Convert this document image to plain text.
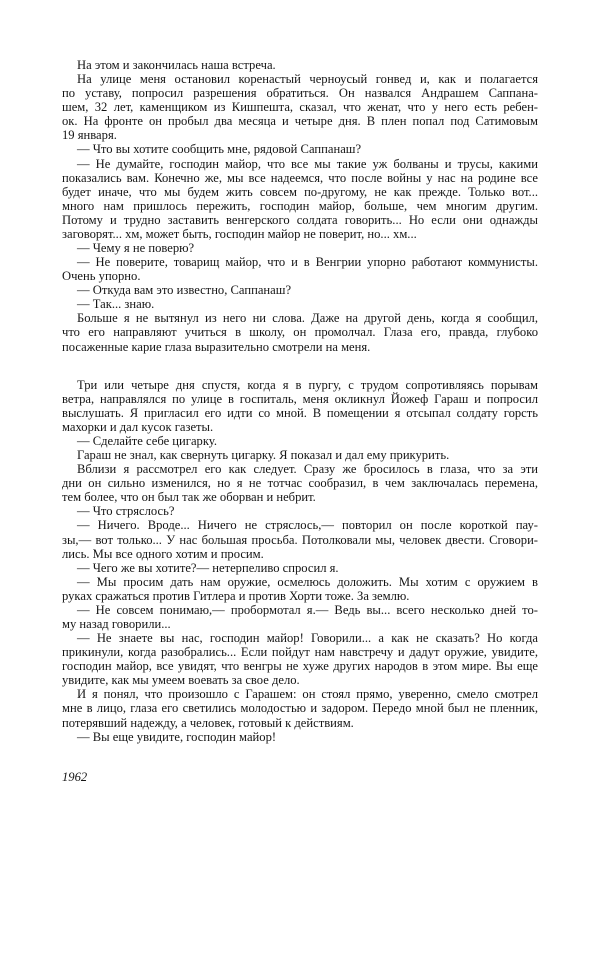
На этом и закончилась наша встреча.
На улице меня остановил коренастый черноусый гонвед и, как и полагается
по уставу, попросил разрешения обратиться. Он назвался Андрашем Саппана-
шем, 32 лет, каменщиком из Кишпешта, сказал, что женат, что у него есть ребен-
ок. На фронте он пробыл два месяца и четыре дня. В плен попал под Сатимовым
19 января.
— Что вы хотите сообщить мне, рядовой Саппанаш?
— Не думайте, господин майор, что все мы такие уж болваны и трусы, какими
показались вам. Конечно же, мы все надеемся, что после войны у нас на родине все
будет иначе, что мы будем жить совсем по-другому, не как прежде. Только вот...
много нам пришлось пережить, господин майор, больше, чем многим другим.
Потому и трудно заставить венгерского солдата говорить... Но если они однажды
заговорят... хм, может быть, господин майор не поверит, но... хм...
— Чему я не поверю?
— Не поверите, товарищ майор, что и в Венгрии упорно работают коммунисты.
Очень упорно.
— Откуда вам это известно, Саппанаш?
— Так... знаю.
Больше я не вытянул из него ни слова. Даже на другой день, когда я сообщил,
что его направляют учиться в школу, он промолчал. Глаза его, правда, глубоко
посаженные карие глаза выразительно смотрели на меня.
Три или четыре дня спустя, когда я в пургу, с трудом сопротивляясь порывам
ветра, направлялся по улице в госпиталь, меня окликнул Йожеф Гараш и попросил
выслушать. Я пригласил его идти со мной. В помещении я отсыпал солдату горсть
махорки и дал кусок газеты.
— Сделайте себе цигарку.
Гараш не знал, как свернуть цигарку. Я показал и дал ему прикурить.
Вблизи я рассмотрел его как следует. Сразу же бросилось в глаза, что за эти
дни он сильно изменился, но я не тотчас сообразил, в чем заключалась перемена,
тем более, что он был так же оборван и небрит.
— Что стряслось?
— Ничего. Вроде... Ничего не стряслось,— повторил он после короткой пау-
зы,— вот только... У нас большая просьба. Потолковали мы, человек двести. Сговори-
лись. Мы все одного хотим и просим.
— Чего же вы хотите?— нетерпеливо спросил я.
— Мы просим дать нам оружие, осмелюсь доложить. Мы хотим с оружием в
руках сражаться против Гитлера и против Хорти тоже. За землю.
— Не совсем понимаю,— пробормотал я.— Ведь вы... всего несколько дней то-
му назад говорили...
— Не знаете вы нас, господин майор! Говорили... а как не сказать? Но когда
прикинули, когда разобрались... Если пойдут нам навстречу и дадут оружие, увидите,
господин майор, все увидят, что венгры не хуже других народов в этом мире. Вы еще
увидите, как мы умеем воевать за свое дело.
И я понял, что произошло с Гарашем: он стоял прямо, уверенно, смело смотрел
мне в лицо, глаза его светились молодостью и задором. Передо мной был не пленник,
потерявший надежду, а человек, готовый к действиям.
— Вы еще увидите, господин майор!
1962
